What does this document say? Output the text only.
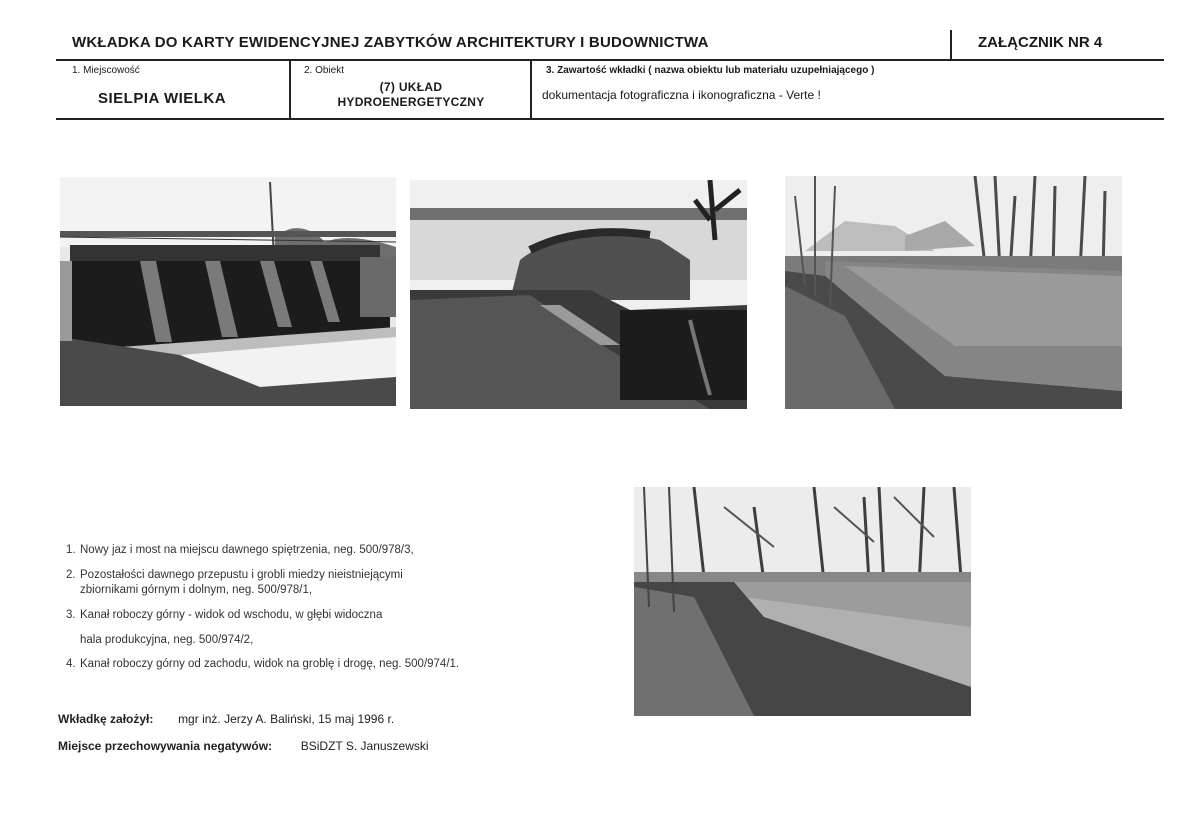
WKŁADKA DO KARTY EWIDENCYJNEJ ZABYTKÓW ARCHITEKTURY I BUDOWNICTWA	ZAŁĄCZNIK NR 4
1. Miejscowość
SIELPIA WIELKA
2. Obiekt
(7) UKŁAD
HYDROENERGETYCZNY
3. Zawartość wkładki ( nazwa obiektu lub materiału uzupełniającego )
dokumentacja fotograficzna i ikonograficzna - Verte !
1. Nowy jaz i most na miejscu dawnego spiętrzenia, neg. 500/978/3,
2. Pozostałości dawnego przepustu i grobli miedzy nieistniejącymi
zbiornikami górnym i dolnym, neg. 500/978/1,
3. Kanał roboczy górny - widok od wschodu, w głębi widoczna
hala produkcyjna, neg. 500/974/2,
4. Kanał roboczy górny od zachodu, widok na groblę i drogę, neg. 500/974/1.
Wkładkę założył: mgr inż. Jerzy A. Baliński, 15 maj 1996 r.
Miejsce przechowywania negatywów: BSiDZT S. Januszewski
